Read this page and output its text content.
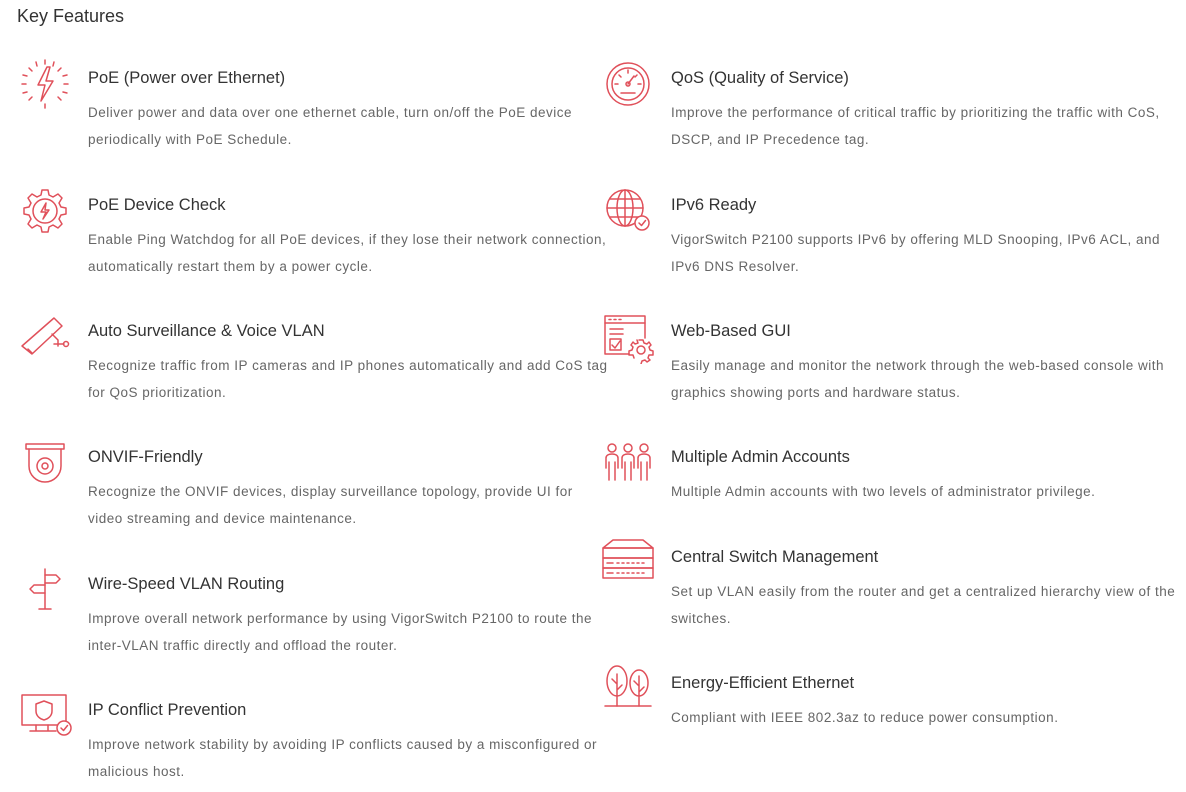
Key Features
PoE (Power over Ethernet)

Deliver power and data over one ethernet cable, turn on/off the PoE device periodically with PoE Schedule.

PoE Device Check

Enable Ping Watchdog for all PoE devices, if they lose their network connection, automatically restart them by a power cycle.

Auto Surveillance & Voice VLAN

Recognize traffic from IP cameras and IP phones automatically and add CoS tag for QoS prioritization.

ONVIF-Friendly

Recognize the ONVIF devices, display surveillance topology, provide UI for video streaming and device maintenance.

Wire-Speed VLAN Routing

Improve overall network performance by using VigorSwitch P2100 to route the inter-VLAN traffic directly and offload the router.

IP Conflict Prevention

Improve network stability by avoiding IP conflicts caused by a misconfigured or malicious host.

QoS (Quality of Service)

Improve the performance of critical traffic by prioritizing the traffic with CoS, DSCP, and IP Precedence tag.

IPv6 Ready

VigorSwitch P2100 supports IPv6 by offering MLD Snooping, IPv6 ACL, and IPv6 DNS Resolver.

Web-Based GUI

Easily manage and monitor the network through the web-based console with graphics showing ports and hardware status.

Multiple Admin Accounts

Multiple Admin accounts with two levels of administrator privilege.

Central Switch Management

Set up VLAN easily from the router and get a centralized hierarchy view of the switches.

Energy-Efficient Ethernet

Compliant with IEEE 802.3az to reduce power consumption.
